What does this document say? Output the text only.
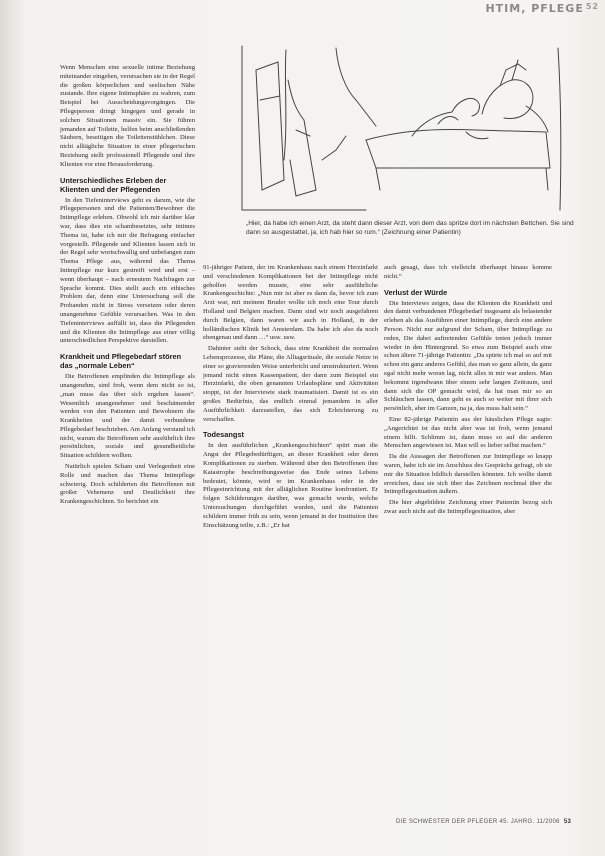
HTIM, PFLEGE $^{52}$

Wenn Menschen eine sexuelle intime Beziehung miteinander eingehen, verursachen sie in der Regel die großen körperlichen und seelischen Nähe zustande. Ihre eigene Intimsphäre zu wahren, zum Beispiel bei Ausscheidungsvorgängen. Die Pflegeperson dringt hingegen und gerade in solchen Situationen massiv ein. Sie führen jemanden auf Toilette, helfen beim anschließenden Säubern, beseitigen die Toilettenstühlchen. Diese nicht alltägliche Situation in einer pflegerischen Beziehung stellt professionell Pflegende und ihre Klienten vor eine Herausforderung.

Unterschiedliches Erleben der Klienten und der Pflegenden

In den Tiefeninterviews geht es darum, wie die Pflegepersonen und die Patienten/Bewohner die Intimpflege erleben. Obwohl ich mir darüber klar war, dass dies ein schambesetztes, sehr intimes Thema ist, habe ich mir die Befragung einfacher vorgestellt. Pflegende und Klienten lassen sich in der Regel sehr wortschwallig und unbefangen zum Thema Pflege aus, während das Thema Intimpflege nur kurz gestreift wird und erst – wenn überhaupt – nach erneutem Nachfragen zur Sprache kommt. Dies stellt auch ein ethisches Problem dar, denn eine Untersuchung soll die Probanden nicht in Stress versetzen oder deren unangenehme Gefühle verursachen. Was in den Tiefeninterviews auffällt ist, dass die Pflegenden und die Klienten die Intimpflege aus einer völlig unterschiedlichen Perspektive darstellen.

Krankheit und Pflegebedarf stören das „normale Leben“

Die Betroffenen empfinden die Intimpflege als unangenehm, sind froh, wenn dem nicht so ist, „man muss das über sich ergehen lassen“. Wesentlich unangenehmer und beschämender werden von den Patienten und Bewohnern die Krankheiten und der damit verbundene Pflegebedarf beschrieben. Am Anfang verstand ich nicht, warum die Betroffenen sehr ausführlich ihre persönlichen, soziale und gesundheitliche Situation schildern wollten.

Natürlich spielen Scham und Verlegenheit eine Rolle und machen das Thema Intimpflege schwierig. Doch schilderten die Betroffenen mit großer Vehemenz und Deutlichkeit ihre Krankengeschichten. So berichtet ein

„Hier, da habe ich einen Arzt, da steht dann dieser Arzt, von dem das spritze dort im nächsten Bettchen. Sie sind dann so ausgestattet, ja, ich hab hier so rum.“ (Zeichnung einer Patientin)

91-jähriger Patient, der im Krankenhaus nach einem Herzinfarkt und verschiedenen Komplikationen bei der Intimpflege nicht geholfen werden musste, eine sehr ausführliche Krankengeschichte: „Nun mir ist aber es dann da, bevor ich zum Arzt war, mit meinem Bruder wollte ich noch eine Tour durch Holland und Belgien machen. Dann sind wir noch ausgefahren durch Belgien, dann waren wir auch in Holland, in der holländischen Klinik bei Amsterdam. Da habe ich also da noch ebengenau und dann …“ usw. usw.

Dahinter steht der Schock, dass eine Krankheit die normalen Lebensprozesse, die Pläne, die Alltagsrituale, die soziale Netze in einer so gravierenden Weise unterbricht und umstrukturiert. Wenn jemand nicht einen Kassenpatient, der dann zum Beispiel ein Herzinfarkt, die oben genannten Urlaubspläne und Aktivitäten stoppt, ist der Interviewte stark traumatisiert. Damit ist es ein großes Bedürfnis, das endlich einmal jemandem in aller Ausführlichkeit darzustellen, das sich Erleichterung zu verschaffen.

Todesangst

In den ausführlichen „Krankengeschichten“ spürt man die Angst der Pflegebedürftigen, an dieser Krankheit oder deren Komplikationen zu sterben. Während über den Betroffenen ihre Katastrophe beschreibungsweise das Ende seines Lebens bedeutet, könnte, wird er im Krankenhaus oder in der Pflegeeinrichtung mit der alltäglichen Routine konfrontiert. Er folgen Schilderungen darüber, was gemacht wurde, welche Untersuchungen durchgeführt wurden, und die Patienten schildern immer früh zu sein, wenn jemand in der Institution ihre Einschätzung teilte, z.B.: „Er hat

auch gesagt, dass ich vielleicht überhaupt hinaus komme nicht.“

Verlust der Würde

Die Interviews zeigen, dass die Klienten die Krankheit und den damit verbundenen Pflegebedarf insgesamt als belastender erleben als das Ausführen einer Intimpflege, durch eine andere Person. Nicht nur aufgrund der Scham, über Intimpflege zu reden, Die dabei auftretenden Gefühle treten jedoch immer wieder in den Hintergrund. So etwa zum Beispiel auch eine schon ältere 71-jährige Patientin: „Da spürte ich mal so auf mit schon ein ganz anderes Gefühl, das man so ganz allein, da ganz egal nicht mehr woran lag, nicht alles in mir war anders. Man bekommt irgendwann über einem sehr langen Zeitraum, und dann sich die OP gemacht wird, da hat man mir so an Schläuchen lassen, dann geht es auch so weiter mit ihrer sich persönlich, aber im Ganzen, na ja, das muss halt sein.“

Eine 82-jährige Patientin aus der häuslichen Pflege sagte: „Angerichtet ist das nicht aber was ist froh, wenn jemand einem hilft. Schlimm ist, dann muss so auf die anderen Menschen angewiesen ist. Man will es lieber selbst machen.“

Da die Aussagen der Betroffenen zur Intimpflege so knapp waren, habe ich sie im Anschluss des Gesprächs gefragt, ob sie mir die Situation bildlich darstellen könnten. Ich wollte damit erreichen, dass sie sich über das Zeichnen nochmal über die Intimpflegesituation äußern.

Die hier abgebildete Zeichnung einer Patientin bezog sich zwar auch nicht auf die Intimpflegesituation, aber

DIE SCHWESTER DER PFLEGER 45. JAHRG. 11/2006 53
